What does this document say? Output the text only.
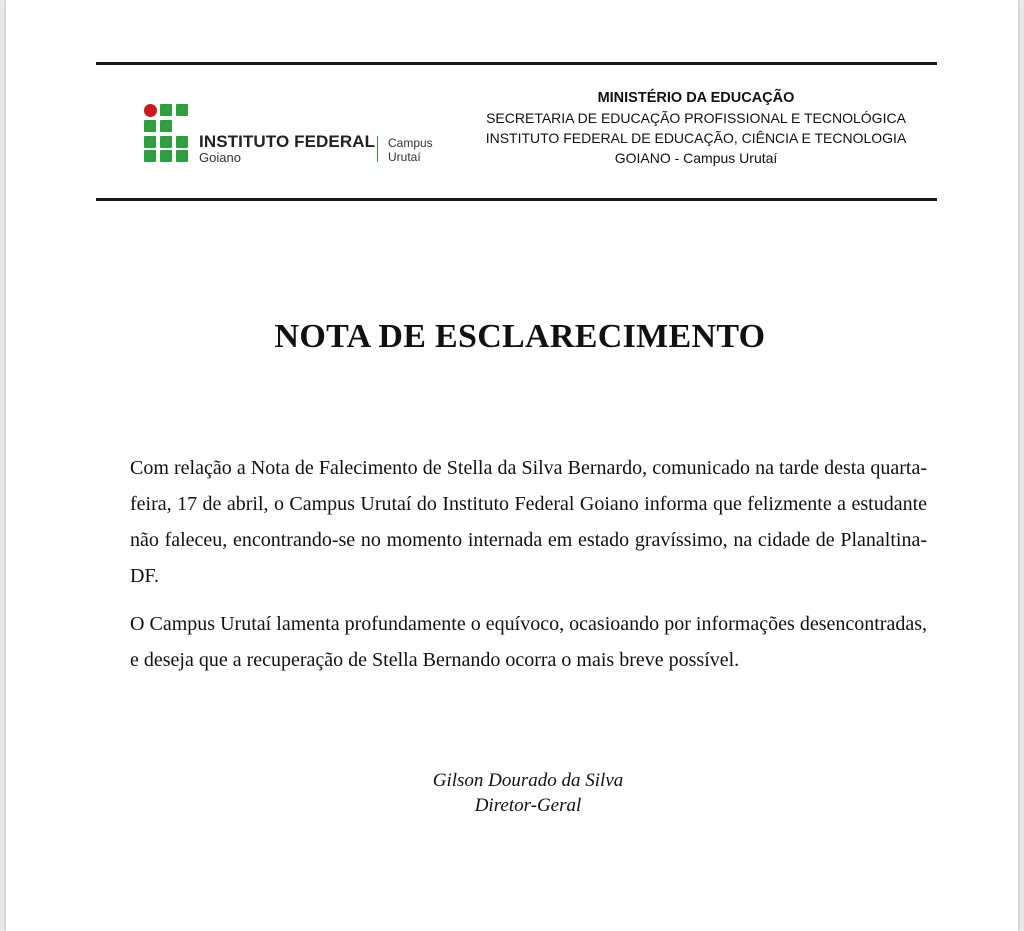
INSTITUTO FEDERAL
Goiano
Campus
Urutaí
MINISTÉRIO DA EDUCAÇÃO
SECRETARIA DE EDUCAÇÃO PROFISSIONAL E TECNOLÓGICA
INSTITUTO FEDERAL DE EDUCAÇÃO, CIÊNCIA E TECNOLOGIA
GOIANO - Campus Urutaí
NOTA DE ESCLARECIMENTO

Com relação a Nota de Falecimento de Stella da Silva Bernardo, comunicado na tarde desta quarta-feira, 17 de abril, o Campus Urutaí do Instituto Federal Goiano informa que felizmente a estudante não faleceu, encontrando-se no momento internada em estado gravíssimo, na cidade de Planaltina-DF.

O Campus Urutaí lamenta profundamente o equívoco, ocasioando por informações desencontradas, e deseja que a recuperação de Stella Bernando ocorra o mais breve possível.

Gilson Dourado da Silva
Diretor-Geral
